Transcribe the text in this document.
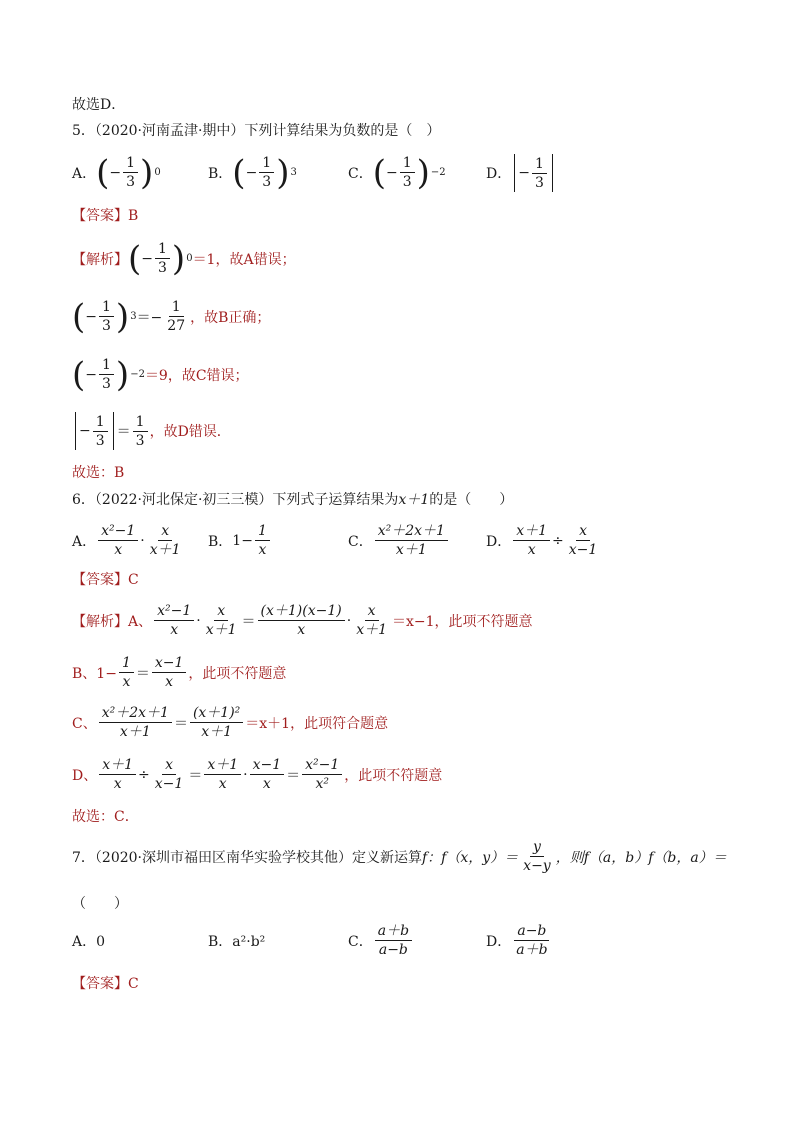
故选D．
5．（2020·河南孟津·期中）下列计算结果为负数的是（　）
A． ( − $\frac{1}{3}$ ) 0	B． ( − $\frac{1}{3}$ ) 3	C． ( − $\frac{1}{3}$ ) −2	D． − $\frac{1}{3}$
【答案】B
【解析】 ( − $\frac{1}{3}$ ) 0 ＝1，故A错误；
( − $\frac{1}{3}$ ) $3 =- \frac{1}{27}$ ，故B正确；
( − $\frac{1}{3}$ ) −2 ＝9，故C错误；
− $\frac{1}{3} = \frac{1}{3}$ ，故D错误．
故选：B
6．（2022·河北保定·初三三模）下列式子运算结果为x＋1的是（　　）
A． $\frac{\text{x²−1}}{x} \cdot \frac{x}{x+1}$ B． $1- \frac{1}{x}$	C． $\frac{\text{x²＋2x＋1}}{x+1}$	D． $\frac{x+1}{x} \div \frac{x}{x-1}$
【答案】C
【解析】 A、 $\frac{\text{x²−1}}{x} \cdot \frac{x}{x+1} = \frac{(x+1)(x-1)}{x} \cdot \frac{x}{x+1} =x-1$，此项不符题意
B、$1- \frac{1}{x} = \frac{x-1}{x}$ ，此项不符题意
C、 $\frac{\text{x²＋2x＋1}}{x+1} = \frac{\text{(x＋1)²}}{x+1} =x+1$，此项符合题意
D、 $\frac{x+1}{x} \div \frac{x}{x-1} = \frac{x+1}{x} \cdot \frac{x-1}{x} = \frac{\text{x²−1}}{\text{x²}}$ ，此项不符题意
故选：C．
7．（2020·深圳市福田区南华实验学校其他）定义新运算 f：f（x，$y)= \frac{y}{x-y}$ ，则f（a，b）f（b，a）＝
（　　）
A．0	B．a²·b²	C． $\frac{a+b}{a-b}$	D． $\frac{a-b}{a+b}$
【答案】C
